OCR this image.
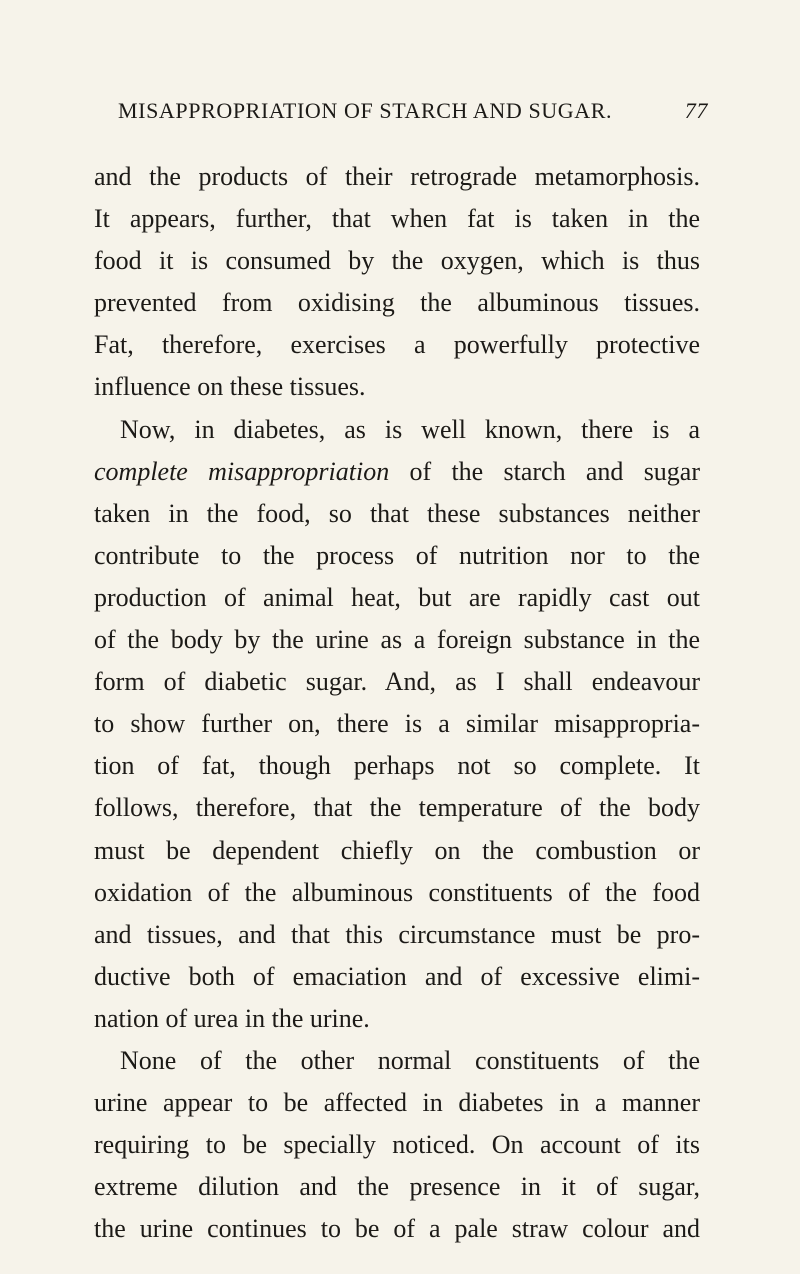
MISAPPROPRIATION OF STARCH AND SUGAR.	77
and the products of their retrograde metamorphosis.
It appears, further, that when fat is taken in the
food it is consumed by the oxygen, which is thus
prevented from oxidising the albuminous tissues.
Fat, therefore, exercises a powerfully protective
influence on these tissues.
Now, in diabetes, as is well known, there is a
complete misappropriation of the starch and sugar
taken in the food, so that these substances neither
contribute to the process of nutrition nor to the
production of animal heat, but are rapidly cast out
of the body by the urine as a foreign substance in the
form of diabetic sugar. And, as I shall endeavour
to show further on, there is a similar misappropria-
tion of fat, though perhaps not so complete. It
follows, therefore, that the temperature of the body
must be dependent chiefly on the combustion or
oxidation of the albuminous constituents of the food
and tissues, and that this circumstance must be pro-
ductive both of emaciation and of excessive elimi-
nation of urea in the urine.
None of the other normal constituents of the
urine appear to be affected in diabetes in a manner
requiring to be specially noticed. On account of its
extreme dilution and the presence in it of sugar,
the urine continues to be of a pale straw colour and
